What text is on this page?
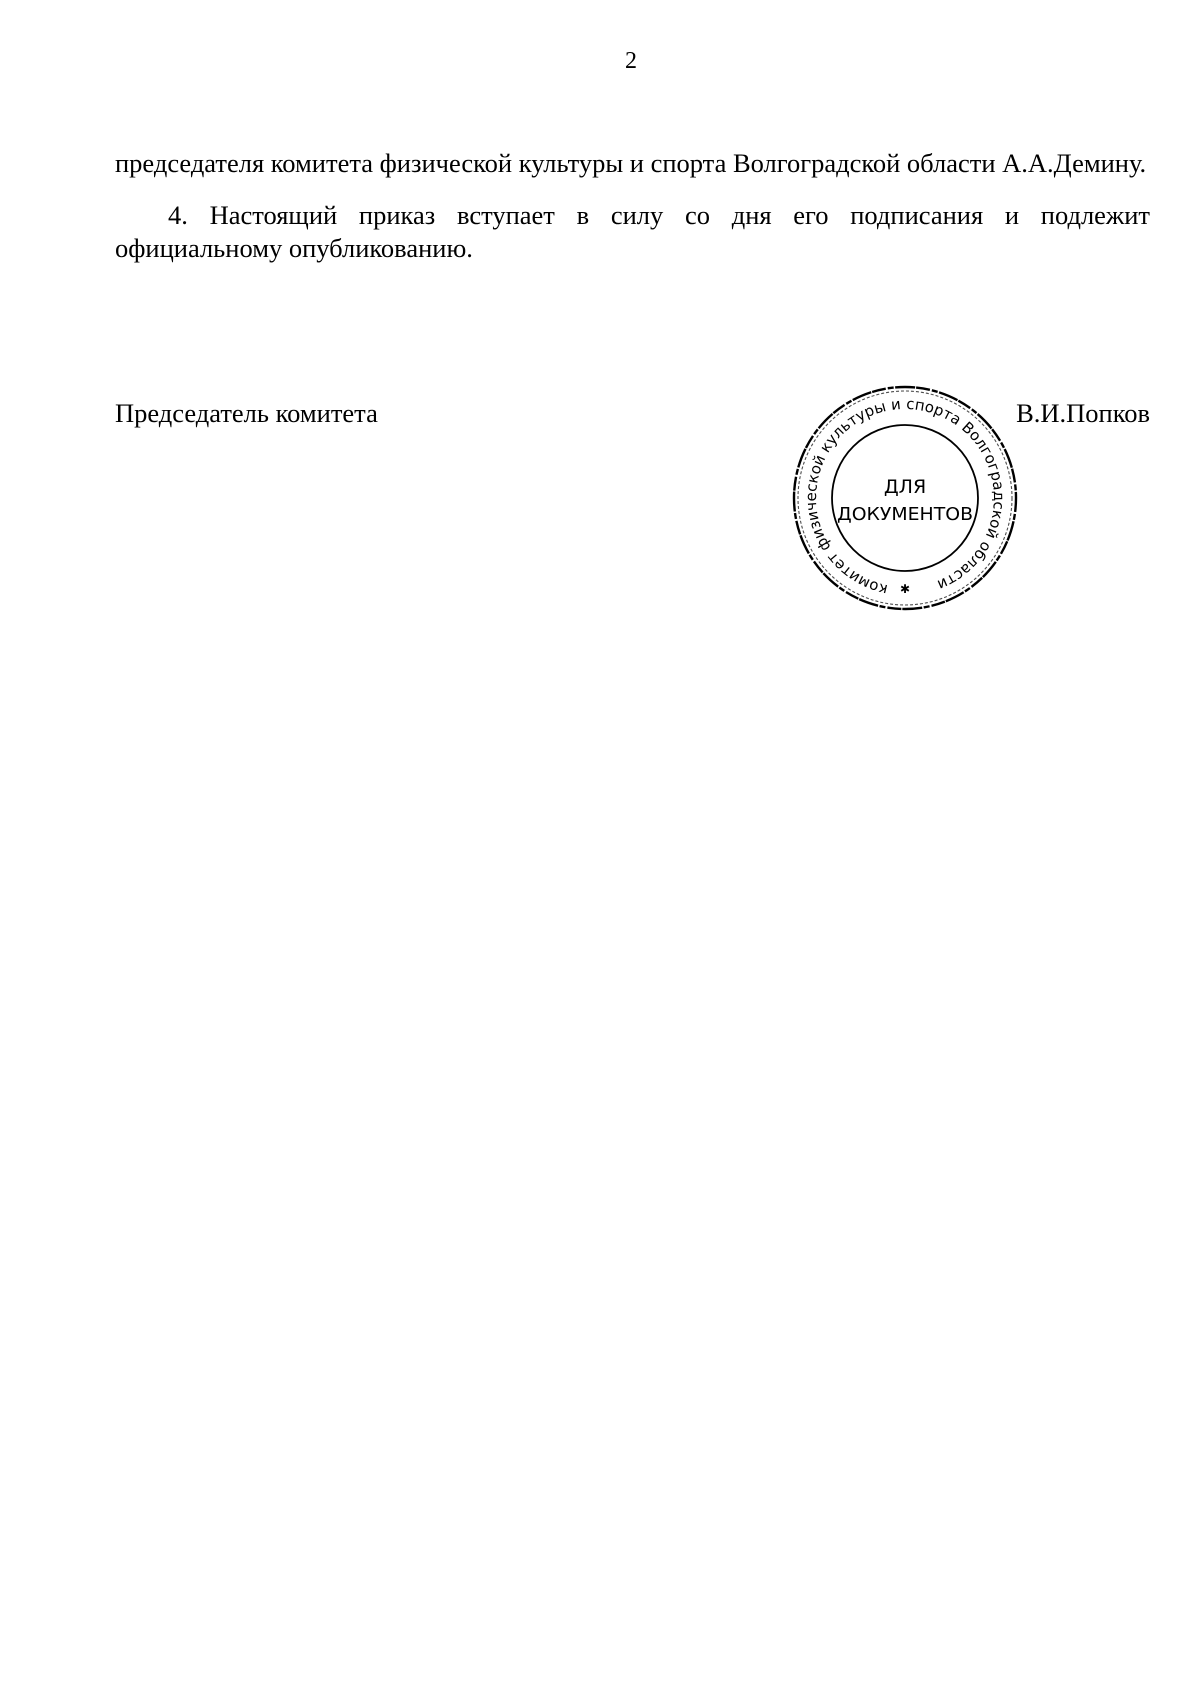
2

председателя комитета физической культуры и спорта Волгоградской области А.А.Демину.

4. Настоящий приказ вступает в силу со дня его подписания и подлежит официальному опубликованию.

Председатель комитета	В.И.Попков
комитет физической культуры и спорта Волгоградской области
✱
ДЛЯ
ДОКУМЕНТОВ
